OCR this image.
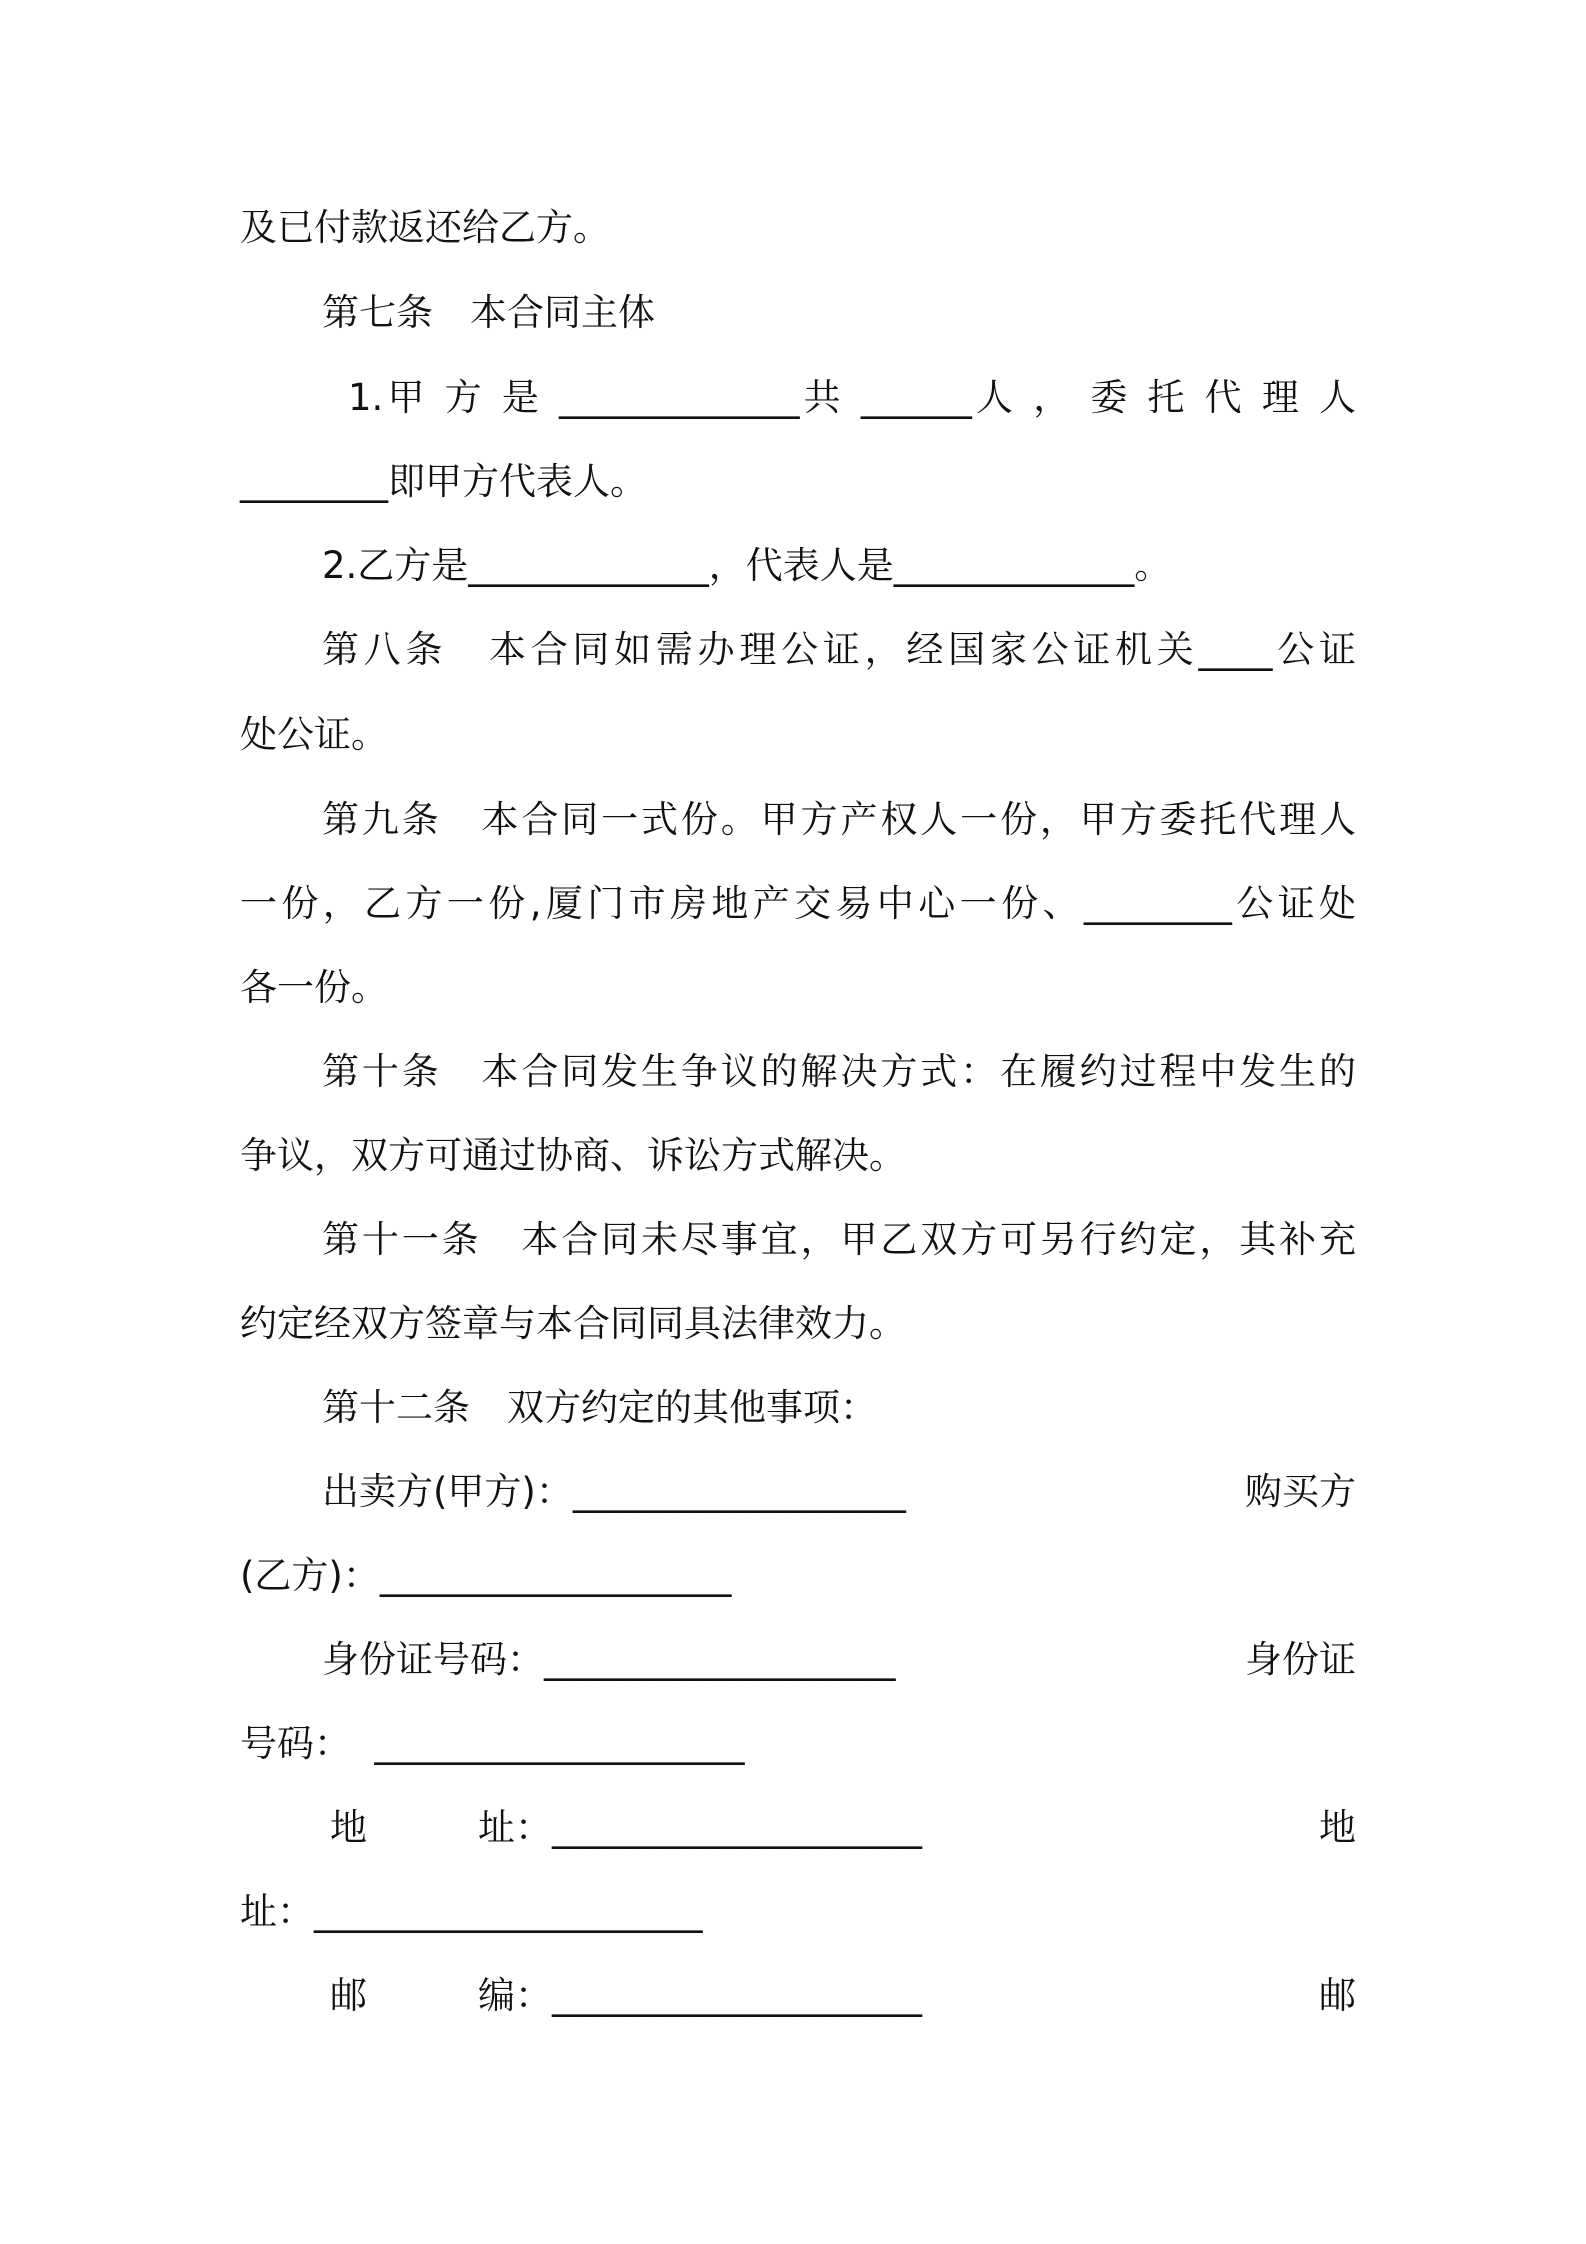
及已付款返还给乙方。
第七条　本合同主体
1.甲 方 是 _____________共 ______人 ， 委 托 代 理 人
________即甲方代表人。
2.乙方是_____________，代表人是_____________。
第八条　本合同如需办理公证，经国家公证机关____公证
处公证。
第九条　本合同一式份。甲方产权人一份，甲方委托代理人
一份，乙方一份,厦门市房地产交易中心一份、________公证处
各一份。
第十条　本合同发生争议的解决方式：在履约过程中发生的
争议，双方可通过协商、诉讼方式解决。
第十一条　本合同未尽事宜，甲乙双方可另行约定，其补充
约定经双方签章与本合同同具法律效力。
第十二条　双方约定的其他事项：
出卖方(甲方)：__________________	购买方
(乙方)：___________________
身份证号码：___________________	身份证
号码：  ____________________
地　　　址：____________________	地
址：_____________________
邮　　　编：____________________	邮
